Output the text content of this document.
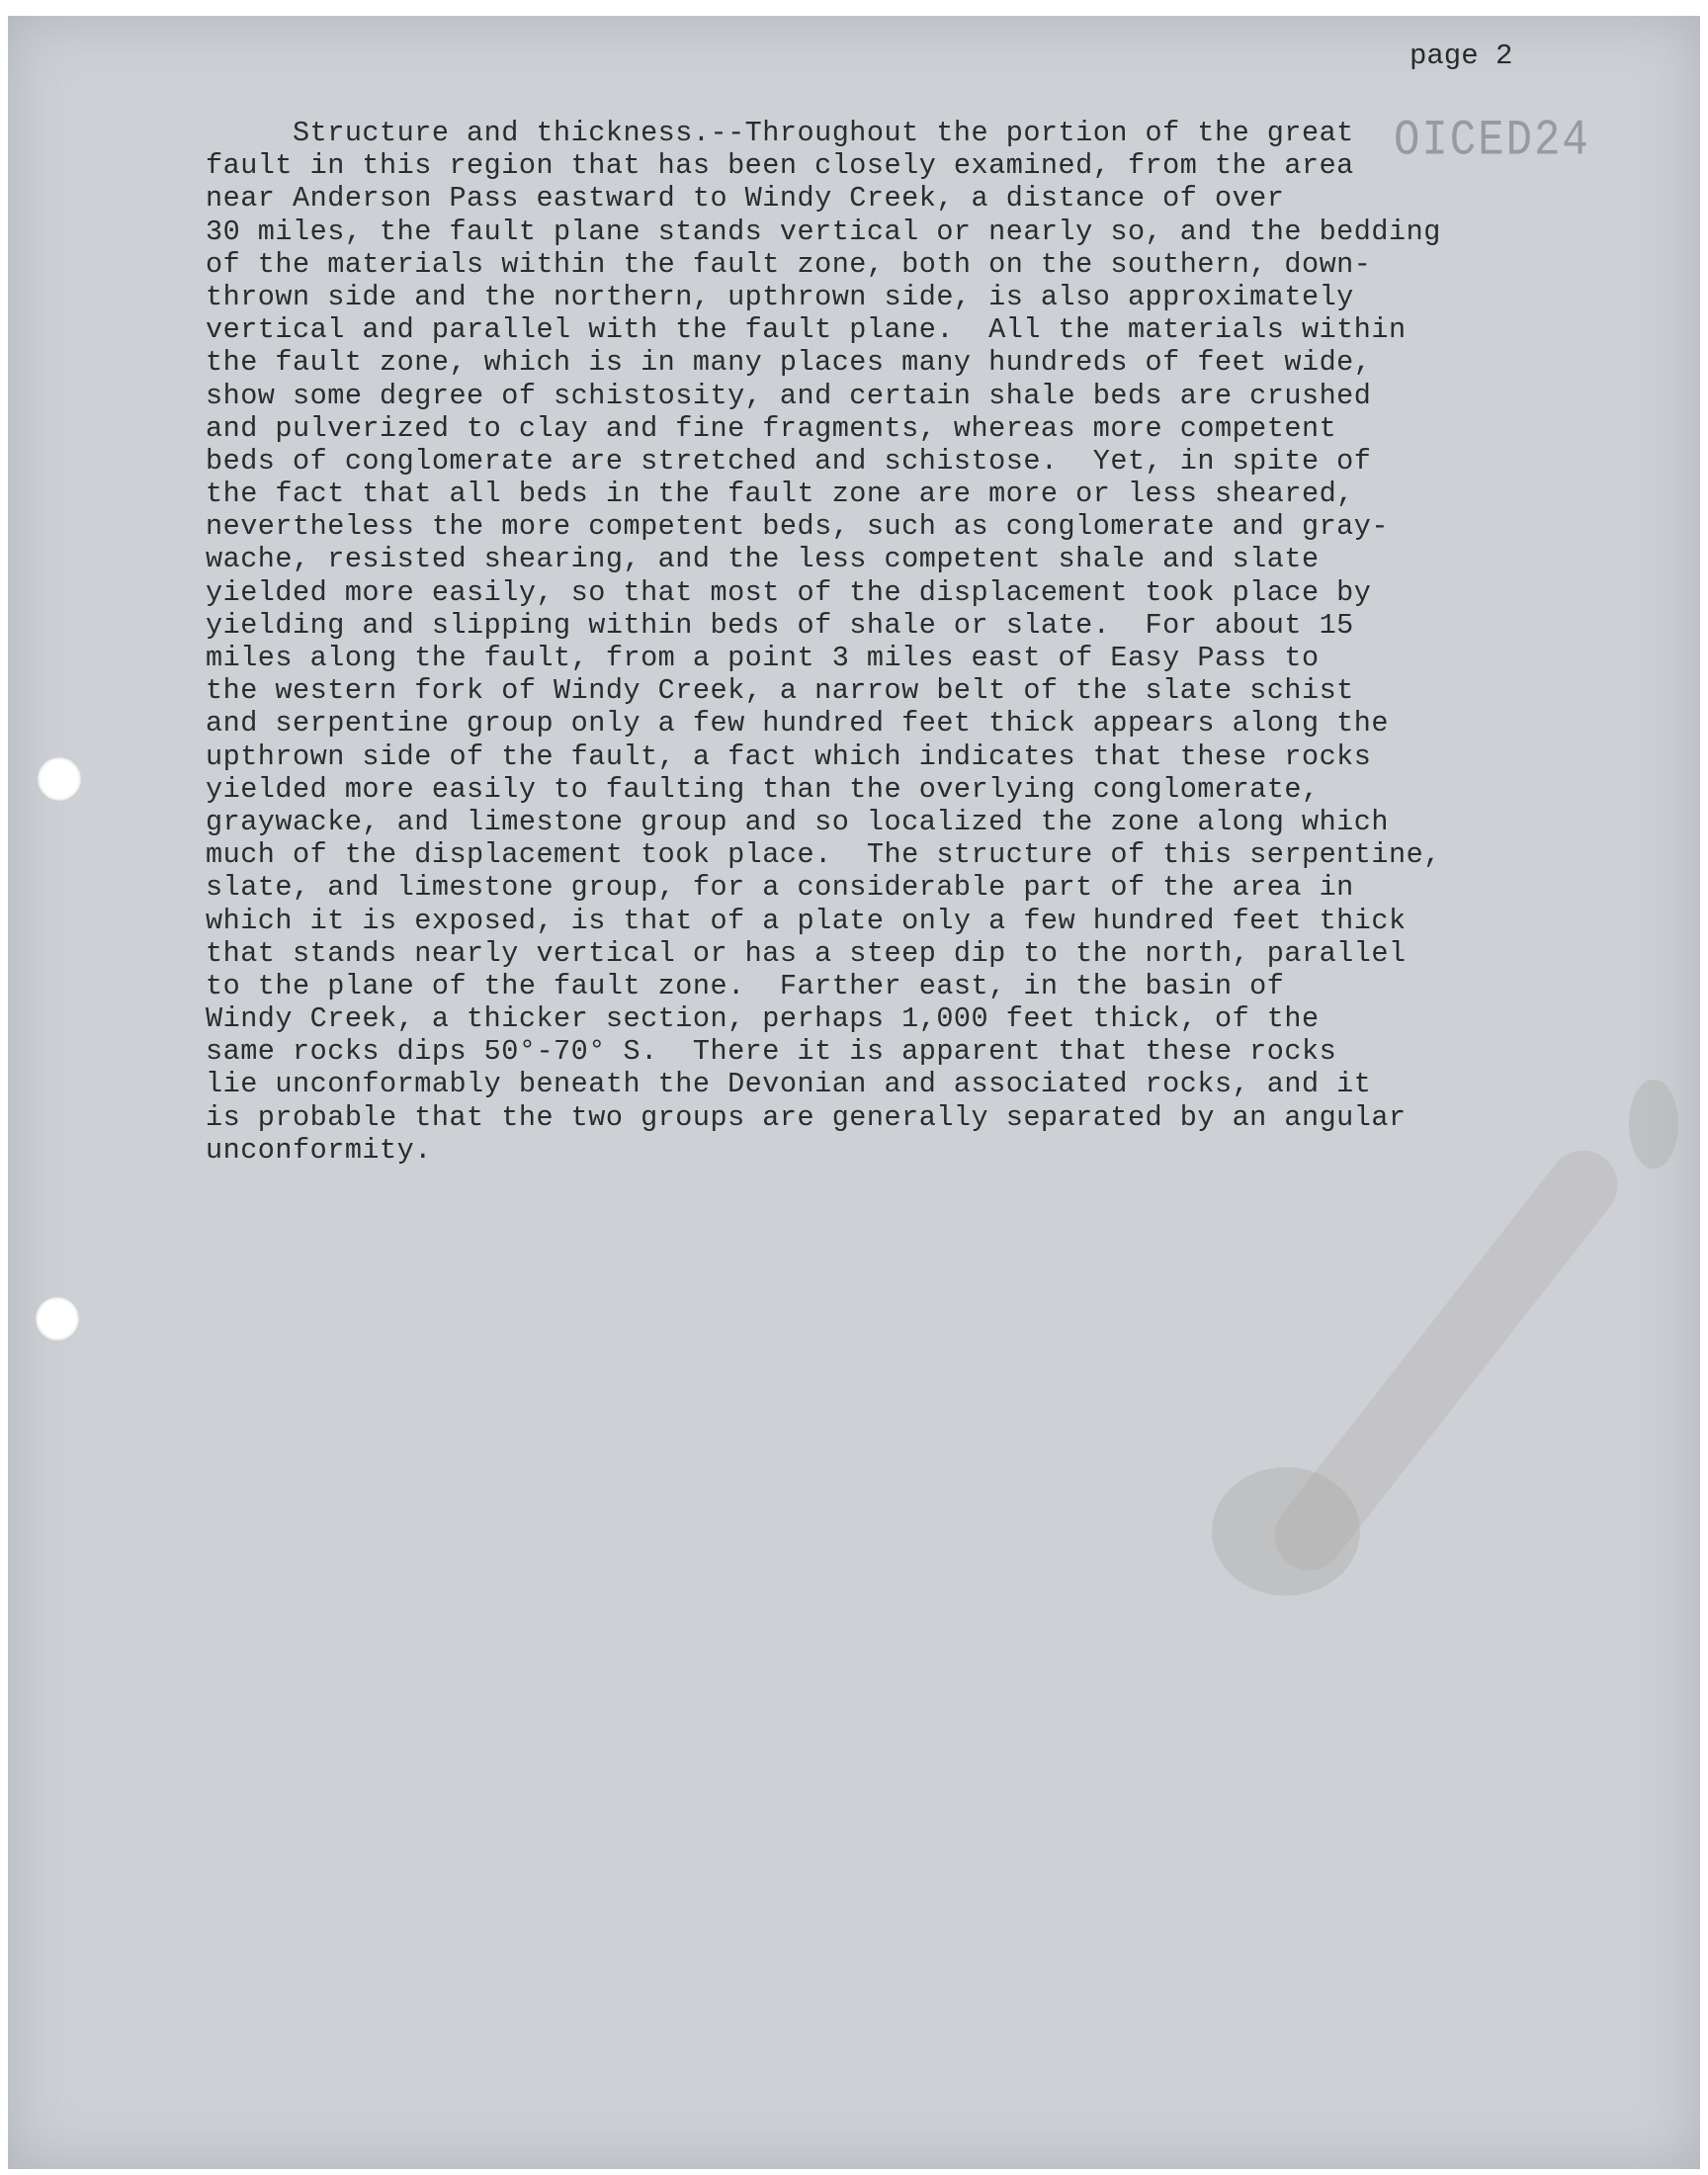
page 2
OICED24
Structure and thickness.--Throughout the portion of the great
fault in this region that has been closely examined, from the area
near Anderson Pass eastward to Windy Creek, a distance of over
30 miles, the fault plane stands vertical or nearly so, and the bedding
of the materials within the fault zone, both on the southern, down-
thrown side and the northern, upthrown side, is also approximately
vertical and parallel with the fault plane.  All the materials within
the fault zone, which is in many places many hundreds of feet wide,
show some degree of schistosity, and certain shale beds are crushed
and pulverized to clay and fine fragments, whereas more competent
beds of conglomerate are stretched and schistose.  Yet, in spite of
the fact that all beds in the fault zone are more or less sheared,
nevertheless the more competent beds, such as conglomerate and gray-
wache, resisted shearing, and the less competent shale and slate
yielded more easily, so that most of the displacement took place by
yielding and slipping within beds of shale or slate.  For about 15
miles along the fault, from a point 3 miles east of Easy Pass to
the western fork of Windy Creek, a narrow belt of the slate schist
and serpentine group only a few hundred feet thick appears along the
upthrown side of the fault, a fact which indicates that these rocks
yielded more easily to faulting than the overlying conglomerate,
graywacke, and limestone group and so localized the zone along which
much of the displacement took place.  The structure of this serpentine,
slate, and limestone group, for a considerable part of the area in
which it is exposed, is that of a plate only a few hundred feet thick
that stands nearly vertical or has a steep dip to the north, parallel
to the plane of the fault zone.  Farther east, in the basin of
Windy Creek, a thicker section, perhaps 1,000 feet thick, of the
same rocks dips 50°-70° S.  There it is apparent that these rocks
lie unconformably beneath the Devonian and associated rocks, and it
is probable that the two groups are generally separated by an angular
unconformity.
